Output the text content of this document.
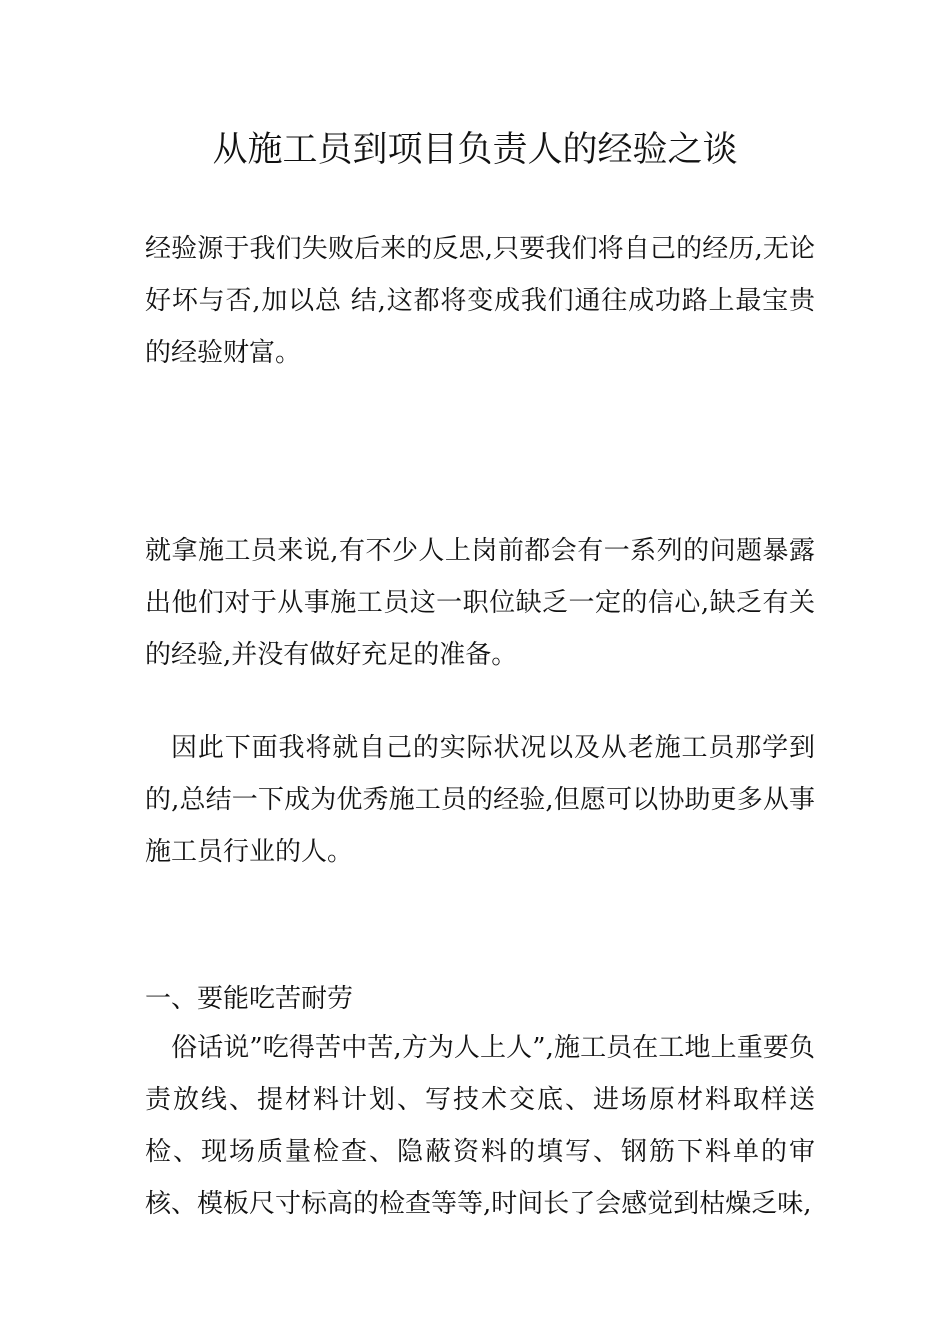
从施工员到项目负责人的经验之谈

经验源于我们失败后来的反思,只要我们将自己的经历,无论好坏与否,加以总 结,这都将变成我们通往成功路上最宝贵的经验财富。

就拿施工员来说,有不少人上岗前都会有一系列的问题暴露出他们对于从事施工员这一职位缺乏一定的信心,缺乏有关的经验,并没有做好充足的准备。

因此下面我将就自己的实际状况以及从老施工员那学到的,总结一下成为优秀施工员的经验,但愿可以协助更多从事施工员行业的人。

一、要能吃苦耐劳

俗话说”吃得苦中苦,方为人上人”,施工员在工地上重要负责放线、提材料计划、写技术交底、进场原材料取样送检、现场质量检查、隐蔽资料的填写、钢筋下料单的审核、模板尺寸标高的检查等等,时间长了会感觉到枯燥乏味,
